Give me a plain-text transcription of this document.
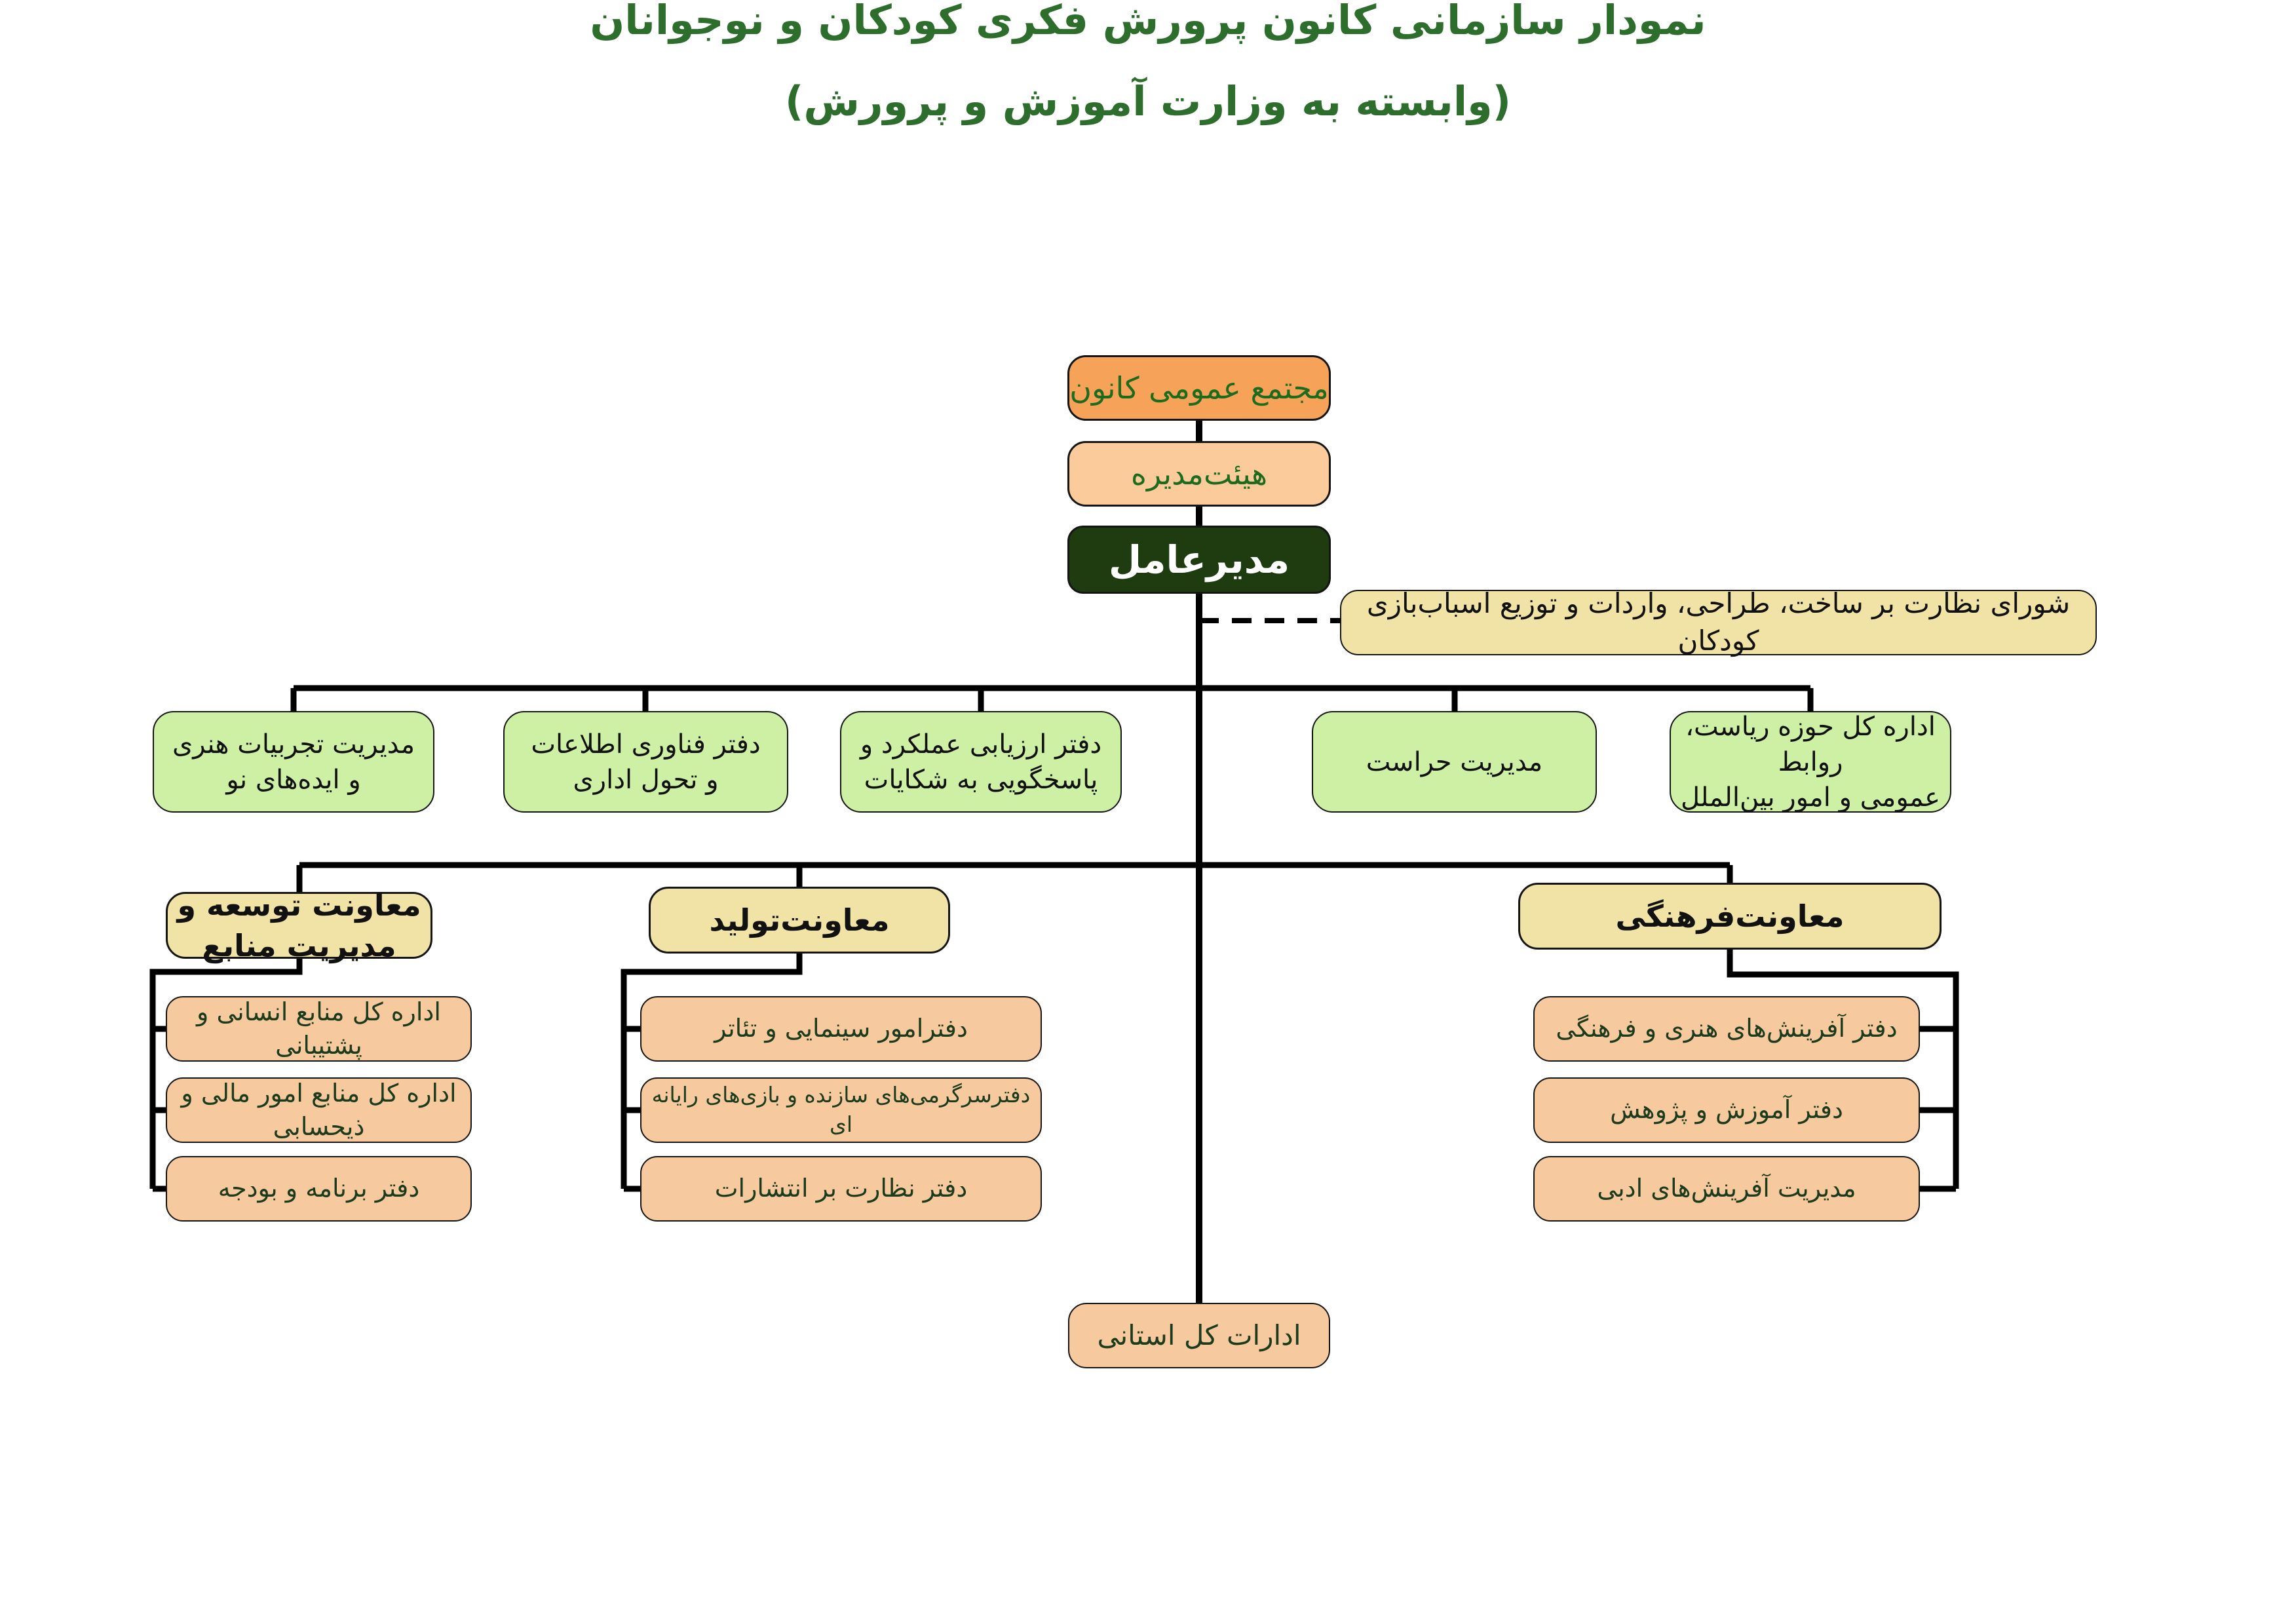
نمودار سازمانی کانون پرورش فکری کودکان و نوجوانان
(وابسته به وزارت آموزش و پرورش)
مجتمع عمومی کانون
هیئت‌مدیره
مدیرعامل
شورای نظارت بر ساخت، طراحی، واردات و توزیع اسباب‌بازی کودکان
مدیریت تجربیات هنری
و ایده‌های نو
دفتر فناوری اطلاعات
و تحول اداری
دفتر ارزیابی عملکرد و
پاسخگویی به شکایات
مدیریت حراست
اداره کل حوزه ریاست، روابط
عمومی و امور بین‌الملل
معاونت توسعه و مدیریت منابع
معاونت‌تولید	معاونت‌فرهنگی
اداره کل منابع انسانی و پشتیبانی
اداره کل منابع امور مالی و ذیحسابی
دفتر برنامه و بودجه
دفترامور سینمایی و تئاتر
دفترسرگرمی‌های سازنده و بازی‌های رایانه ای
دفتر نظارت بر انتشارات
دفتر آفرینش‌های هنری و فرهنگی
دفتر آموزش و پژوهش
مدیریت آفرینش‌های ادبی
ادارات کل استانی
